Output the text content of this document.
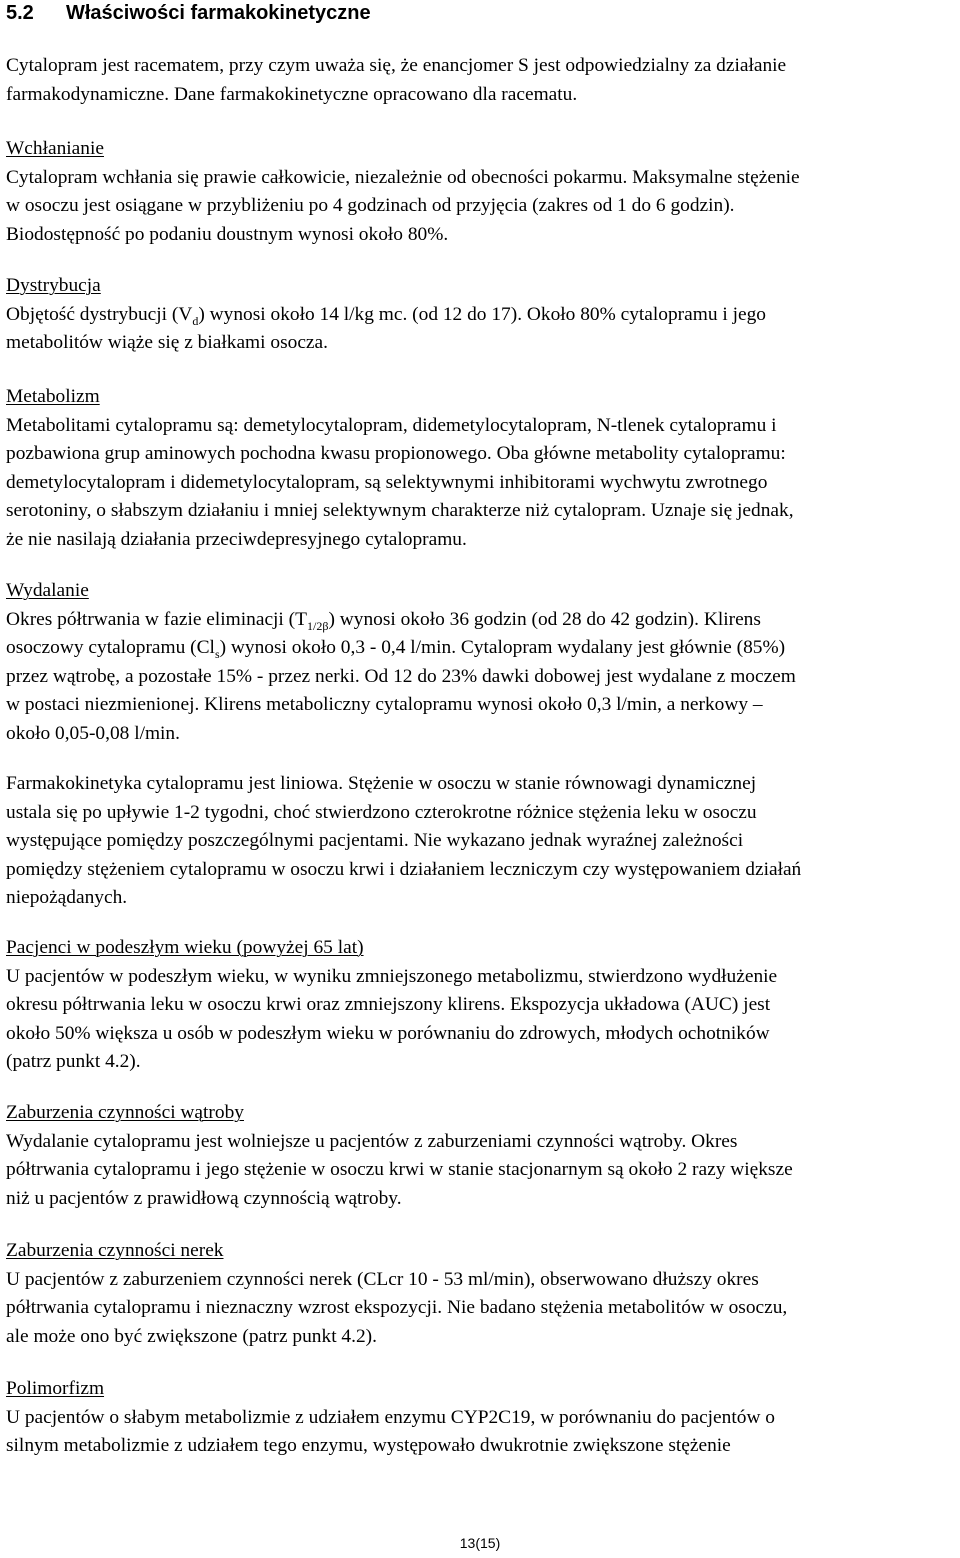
5.2 Właściwości farmakokinetyczne
Cytalopram jest racematem, przy czym uważa się, że enancjomer S jest odpowiedzialny za działanie
farmakodynamiczne. Dane farmakokinetyczne opracowano dla racematu.
Wchłanianie
Cytalopram wchłania się prawie całkowicie, niezależnie od obecności pokarmu. Maksymalne stężenie
w osoczu jest osiągane w przybliżeniu po 4 godzinach od przyjęcia (zakres od 1 do 6 godzin).
Biodostępność po podaniu doustnym wynosi około 80%.
Dystrybucja
Objętość dystrybucji $(V_d)$ wynosi około 14 l/kg mc. (od 12 do 17). Około 80% cytalopramu i jego
metabolitów wiąże się z białkami osocza.
Metabolizm
Metabolitami cytalopramu są: demetylocytalopram, didemetylocytalopram, N-tlenek cytalopramu i
pozbawiona grup aminowych pochodna kwasu propionowego. Oba główne metabolity cytalopramu:
demetylocytalopram i didemetylocytalopram, są selektywnymi inhibitorami wychwytu zwrotnego
serotoniny, o słabszym działaniu i mniej selektywnym charakterze niż cytalopram. Uznaje się jednak,
że nie nasilają działania przeciwdepresyjnego cytalopramu.
Wydalanie
Okres półtrwania w fazie eliminacji $(T_{1/2\beta})$ wynosi około 36 godzin (od 28 do 42 godzin). Klirens
osoczowy cytalopramu $(Cl_s)$ wynosi około 0,3 - 0,4 l/min. Cytalopram wydalany jest głównie (85%)
przez wątrobę, a pozostałe 15% - przez nerki. Od 12 do 23% dawki dobowej jest wydalane z moczem
w postaci niezmienionej. Klirens metaboliczny cytalopramu wynosi około 0,3 l/min, a nerkowy –
około 0,05-0,08 l/min.
Farmakokinetyka cytalopramu jest liniowa. Stężenie w osoczu w stanie równowagi dynamicznej
ustala się po upływie 1-2 tygodni, choć stwierdzono czterokrotne różnice stężenia leku w osoczu
występujące pomiędzy poszczególnymi pacjentami. Nie wykazano jednak wyraźnej zależności
pomiędzy stężeniem cytalopramu w osoczu krwi i działaniem leczniczym czy występowaniem działań
niepożądanych.
Pacjenci w podeszłym wieku (powyżej 65 lat)
U pacjentów w podeszłym wieku, w wyniku zmniejszonego metabolizmu, stwierdzono wydłużenie
okresu półtrwania leku w osoczu krwi oraz zmniejszony klirens. Ekspozycja układowa (AUC) jest
około 50% większa u osób w podeszłym wieku w porównaniu do zdrowych, młodych ochotników
(patrz punkt 4.2).
Zaburzenia czynności wątroby
Wydalanie cytalopramu jest wolniejsze u pacjentów z zaburzeniami czynności wątroby. Okres
półtrwania cytalopramu i jego stężenie w osoczu krwi w stanie stacjonarnym są około 2 razy większe
niż u pacjentów z prawidłową czynnością wątroby.
Zaburzenia czynności nerek
U pacjentów z zaburzeniem czynności nerek (CLcr 10 - 53 ml/min), obserwowano dłuższy okres
półtrwania cytalopramu i nieznaczny wzrost ekspozycji. Nie badano stężenia metabolitów w osoczu,
ale może ono być zwiększone (patrz punkt 4.2).
Polimorfizm
U pacjentów o słabym metabolizmie z udziałem enzymu CYP2C19, w porównaniu do pacjentów o
silnym metabolizmie z udziałem tego enzymu, występowało dwukrotnie zwiększone stężenie
13(15)
